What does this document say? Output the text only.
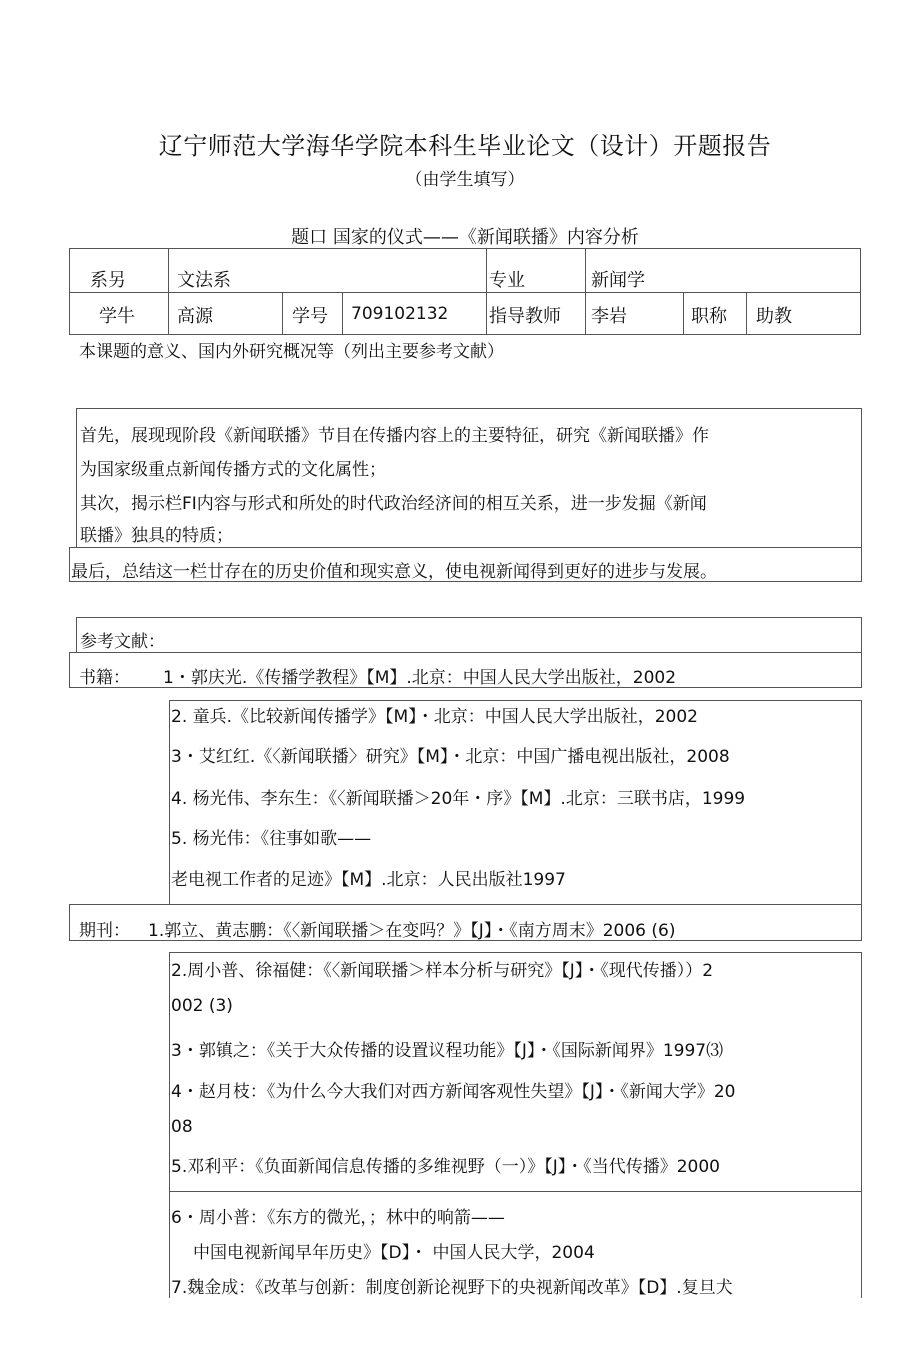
辽宁师范大学海华学院本科生毕业论文（设计）开题报告
（由学生填写）
题口 国家的仪式——《新闻联播》内容分析
系另	文法系	专业	新闻学
学牛 高源	学号 709102132 指导教师 李岩	职称 助教
本课题的意义、国内外研究概况等（列出主要参考文献）
首先，展现现阶段《新闻联播》节目在传播内容上的主要特征，研究《新闻联播》作
为国家级重点新闻传播方式的文化属性；
其次，揭示栏FI内容与形式和所处的时代政治经济间的相互关系，进一步发掘《新闻
联播》独具的特质；
最后，总结这一栏廿存在的历史价值和现实意义，使电视新闻得到更好的进步与发展。
参考文献：
书籍： 1・郭庆光.《传播学教程》【M】.北京：中国人民大学出版社，2002
2. 童兵.《比较新闻传播学》【M】・北京：中国人民大学出版社，2002
3・艾红红.《〈新闻联播〉研究》【M】・北京：中国广播电视出版社，2008
4. 杨光伟、李东生：《〈新闻联播＞20年・序》【M】.北京：三联书店，1999
5. 杨光伟：《往事如歌——
老电视工作者的足迹》【M】.北京：人民出版社1997
期刊： 1.郭立、黄志鹏：《〈新闻联播＞在变吗？》【J】・《南方周末》2006 (6)
2.周小普、徐福健：《〈新闻联播＞样本分析与研究》【J】・《现代传播））2
002 (3)
3・郭镇之：《关于大众传播的设置议程功能》【J】・《国际新闻界》1997⑶
4・赵月枝：《为什么今大我们对西方新闻客观性失望》【J】・《新闻大学》20
08
5.邓利平：《负面新闻信息传播的多维视野（一）》【J】・《当代传播》2000
6・周小普：《东方的微光，；林中的响箭——
中国电视新闻早年历史》【D】・ 中国人民大学，2004
7.魏金成：《改革与创新：制度创新论视野下的央视新闻改革》【D】.复旦犬
